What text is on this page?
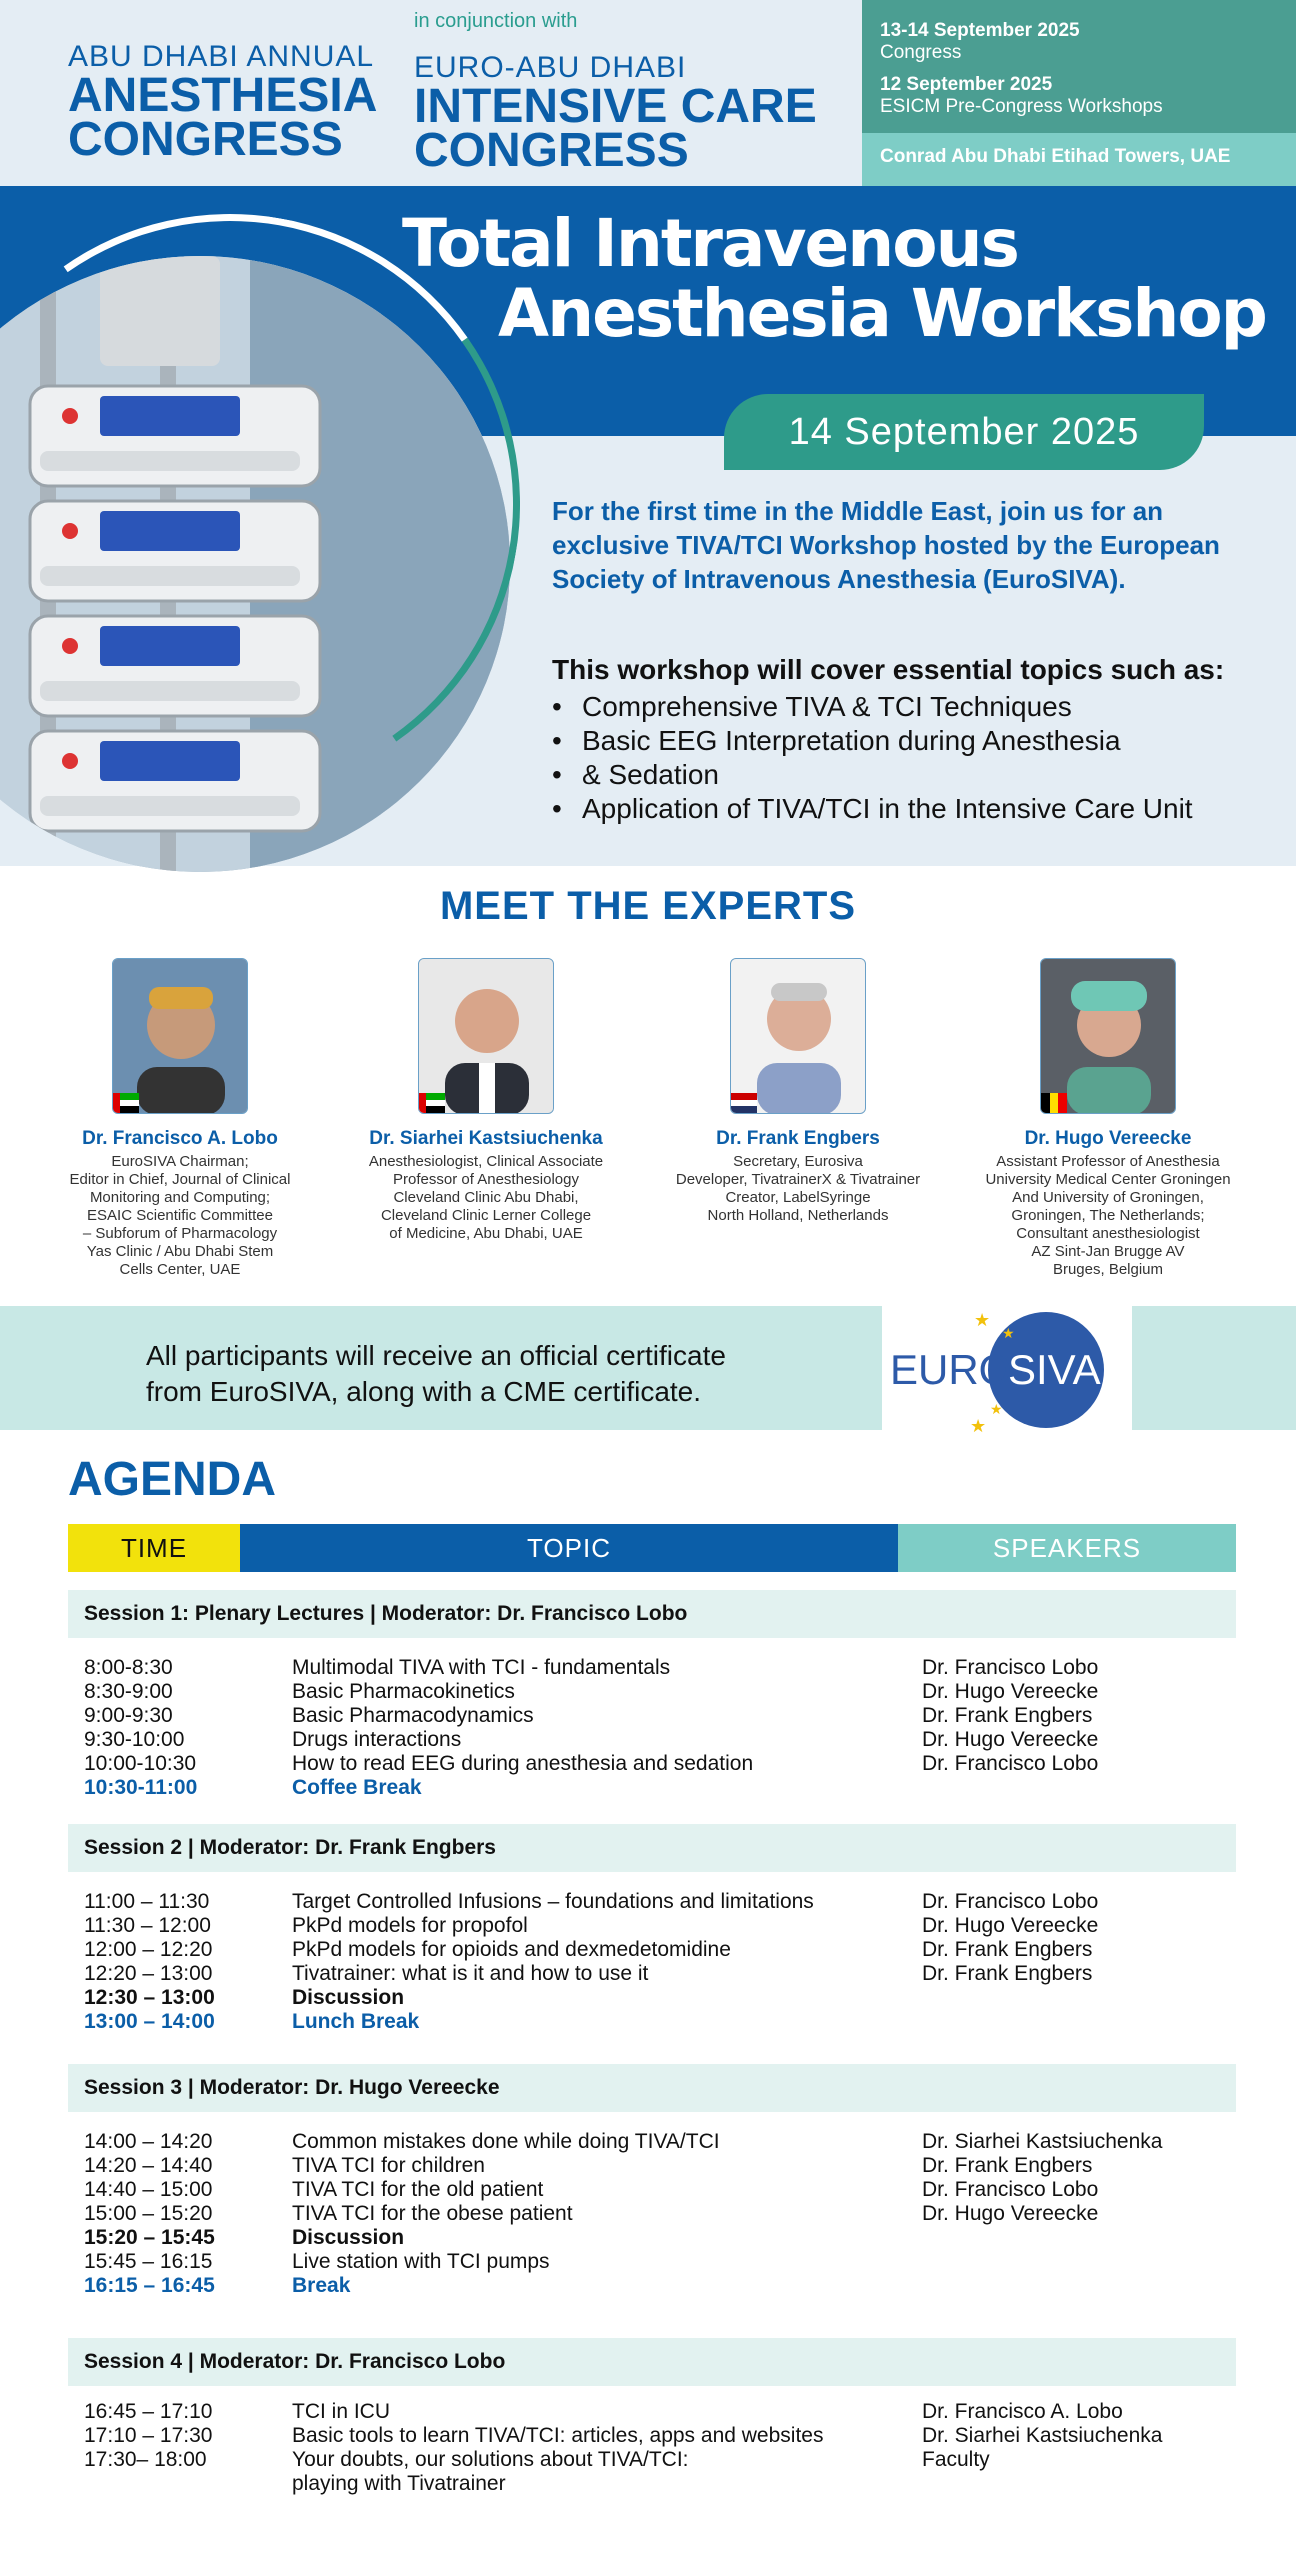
ABU DHABI ANNUAL
ANESTHESIA
CONGRESS
in conjunction with
EURO-ABU DHABI
INTENSIVE CARE
CONGRESS
13-14 September 2025
Congress
12 September 2025
ESICM Pre-Congress Workshops
Conrad Abu Dhabi Etihad Towers, UAE
Total Intravenous
Anesthesia Workshop
14 September 2025
For the first time in the Middle East, join us for an exclusive TIVA/TCI Workshop hosted by the European Society of Intravenous Anesthesia (EuroSIVA).
This workshop will cover essential topics such as:
• Comprehensive TIVA & TCI Techniques
• Basic EEG Interpretation during Anesthesia
• & Sedation
• Application of TIVA/TCI in the Intensive Care Unit
MEET THE EXPERTS
Dr. Francisco A. Lobo
EuroSIVA Chairman;
Editor in Chief, Journal of Clinical
Monitoring and Computing;
ESAIC Scientific Committee
– Subforum of Pharmacology
Yas Clinic / Abu Dhabi Stem
Cells Center, UAE
Dr. Siarhei Kastsiuchenka
Anesthesiologist, Clinical Associate
Professor of Anesthesiology
Cleveland Clinic Abu Dhabi,
Cleveland Clinic Lerner College
of Medicine, Abu Dhabi, UAE
Dr. Frank Engbers
Secretary, Eurosiva
Developer, TivatrainerX & Tivatrainer
Creator, LabelSyringe
North Holland, Netherlands
Dr. Hugo Vereecke
Assistant Professor of Anesthesia
University Medical Center Groningen
And University of Groningen,
Groningen, The Netherlands;
Consultant anesthesiologist
AZ Sint-Jan Brugge AV
Bruges, Belgium
All participants will receive an official certificate
from EuroSIVA, along with a CME certificate.	EURO
SIVA
★
★
★
★
AGENDA
TIME	TOPIC	SPEAKERS
Session 1: Plenary Lectures | Moderator: Dr. Francisco Lobo
8:00-8:30	Multimodal TIVA with TCI - fundamentals	Dr. Francisco Lobo
8:30-9:00	Basic Pharmacokinetics	Dr. Hugo Vereecke
9:00-9:30	Basic Pharmacodynamics	Dr. Frank Engbers
9:30-10:00	Drugs interactions	Dr. Hugo Vereecke
10:00-10:30	How to read EEG during anesthesia and sedation	Dr. Francisco Lobo
10:30-11:00	Coffee Break
Session 2 | Moderator: Dr. Frank Engbers
11:00 – 11:30	Target Controlled Infusions – foundations and limitations	Dr. Francisco Lobo
11:30 – 12:00	PkPd models for propofol	Dr. Hugo Vereecke
12:00 – 12:20	PkPd models for opioids and dexmedetomidine	Dr. Frank Engbers
12:20 – 13:00	Tivatrainer: what is it and how to use it	Dr. Frank Engbers
12:30 – 13:00	Discussion
13:00 – 14:00	Lunch Break
Session 3 | Moderator: Dr. Hugo Vereecke
14:00 – 14:20	Common mistakes done while doing TIVA/TCI	Dr. Siarhei Kastsiuchenka
14:20 – 14:40	TIVA TCI for children	Dr. Frank Engbers
14:40 – 15:00	TIVA TCI for the old patient	Dr. Francisco Lobo
15:00 – 15:20	TIVA TCI for the obese patient	Dr. Hugo Vereecke
15:20 – 15:45	Discussion
15:45 – 16:15	Live station with TCI pumps
16:15 – 16:45	Break
Session 4 | Moderator: Dr. Francisco Lobo
16:45 – 17:10	TCI in ICU	Dr. Francisco A. Lobo
17:10 – 17:30	Basic tools to learn TIVA/TCI: articles, apps and websites	Dr. Siarhei Kastsiuchenka
17:30– 18:00	Your doubts, our solutions about TIVA/TCI:	Faculty
playing with Tivatrainer
